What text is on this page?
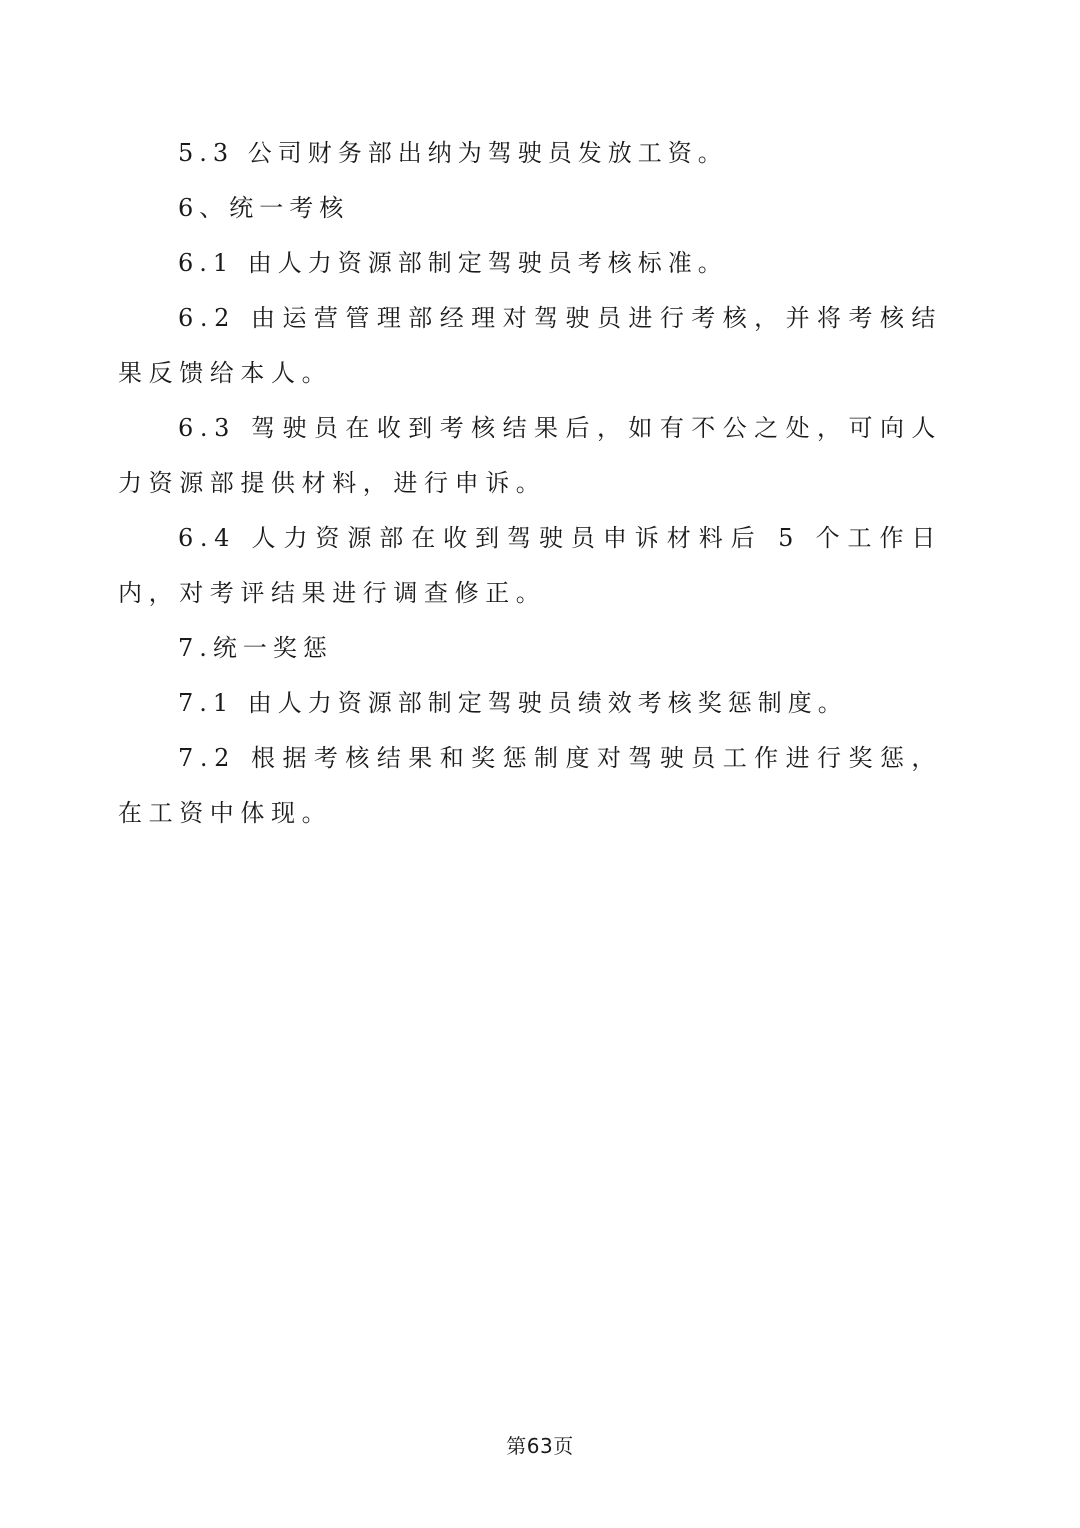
5.3 公司财务部出纳为驾驶员发放工资。

6、统一考核

6.1 由人力资源部制定驾驶员考核标准。

6.2 由运营管理部经理对驾驶员进行考核，并将考核结果反馈给本人。

6.3 驾驶员在收到考核结果后，如有不公之处，可向人力资源部提供材料，进行申诉。

6.4 人力资源部在收到驾驶员申诉材料后 5 个工作日内，对考评结果进行调查修正。

7.统一奖惩

7.1 由人力资源部制定驾驶员绩效考核奖惩制度。

7.2 根据考核结果和奖惩制度对驾驶员工作进行奖惩，在工资中体现。

第63页
